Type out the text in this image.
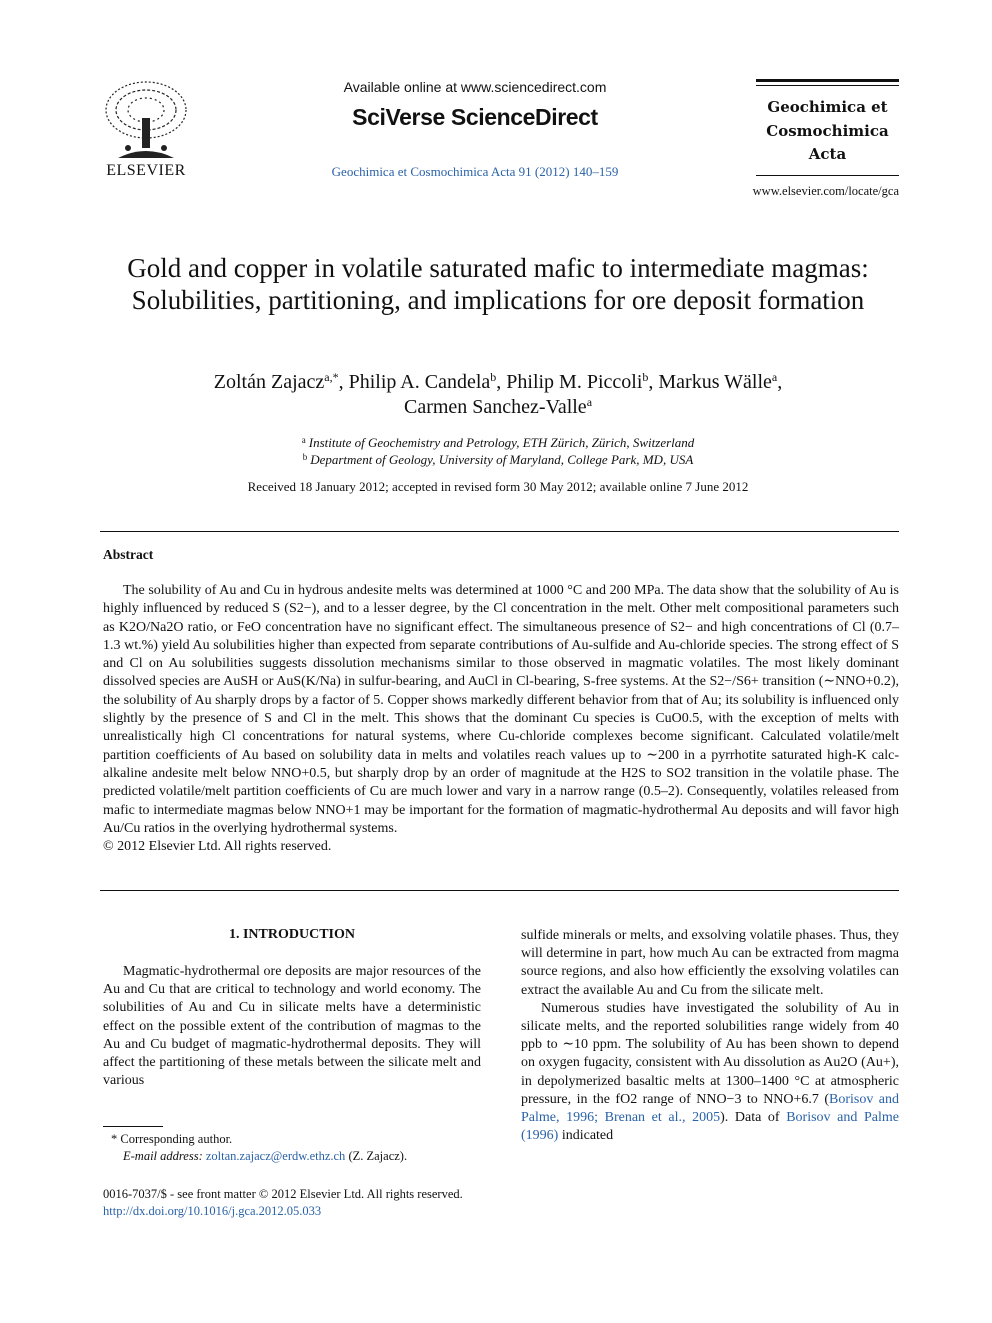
ELSEVIER
Available online at www.sciencedirect.com
SciVerse ScienceDirect
Geochimica et Cosmochimica Acta 91 (2012) 140–159
Geochimica et
Cosmochimica
Acta
www.elsevier.com/locate/gca
Gold and copper in volatile saturated mafic to intermediate magmas: Solubilities, partitioning, and implications for ore deposit formation
Zoltán Zajacz$^{a,*}$, Philip A. Candela$^b$, Philip M. Piccoli$^b$, Markus Wälle$^a$,
Carmen Sanchez-Valle$^a$
$^a$ Institute of Geochemistry and Petrology, ETH Zürich, Zürich, Switzerland
$^b$ Department of Geology, University of Maryland, College Park, MD, USA
Received 18 January 2012; accepted in revised form 30 May 2012; available online 7 June 2012
Abstract

The solubility of Au and Cu in hydrous andesite melts was determined at 1000 °C and 200 MPa. The data show that the solubility of Au is highly influenced by reduced S (S2−), and to a lesser degree, by the Cl concentration in the melt. Other melt compositional parameters such as K2O/Na2O ratio, or FeO concentration have no significant effect. The simultaneous presence of S2− and high concentrations of Cl (0.7–1.3 wt.%) yield Au solubilities higher than expected from separate contributions of Au-sulfide and Au-chloride species. The strong effect of S and Cl on Au solubilities suggests dissolution mechanisms similar to those observed in magmatic volatiles. The most likely dominant dissolved species are AuSH or AuS(K/Na) in sulfur-bearing, and AuCl in Cl-bearing, S-free systems. At the S2−/S6+ transition (∼NNO+0.2), the solubility of Au sharply drops by a factor of 5. Copper shows markedly different behavior from that of Au; its solubility is influenced only slightly by the presence of S and Cl in the melt. This shows that the dominant Cu species is CuO0.5, with the exception of melts with unrealistically high Cl concentrations for natural systems, where Cu-chloride complexes become significant. Calculated volatile/melt partition coefficients of Au based on solubility data in melts and volatiles reach values up to ∼200 in a pyrrhotite saturated high-K calc-alkaline andesite melt below NNO+0.5, but sharply drop by an order of magnitude at the H2S to SO2 transition in the volatile phase. The predicted volatile/melt partition coefficients of Cu are much lower and vary in a narrow range (0.5–2). Consequently, volatiles released from mafic to intermediate magmas below NNO+1 may be important for the formation of magmatic-hydrothermal Au deposits and will favor high Au/Cu ratios in the overlying hydrothermal systems.

© 2012 Elsevier Ltd. All rights reserved.
1. INTRODUCTION

Magmatic-hydrothermal ore deposits are major resources of the Au and Cu that are critical to technology and world economy. The solubilities of Au and Cu in silicate melts have a deterministic effect on the possible extent of the contribution of magmas to the Au and Cu budget of magmatic-hydrothermal deposits. They will affect the partitioning of these metals between the silicate melt and various

sulfide minerals or melts, and exsolving volatile phases. Thus, they will determine in part, how much Au can be extracted from magma source regions, and also how efficiently the exsolving volatiles can extract the available Au and Cu from the silicate melt.

Numerous studies have investigated the solubility of Au in silicate melts, and the reported solubilities range widely from 40 ppb to ∼10 ppm. The solubility of Au has been shown to depend on oxygen fugacity, consistent with Au dissolution as Au2O (Au+), in depolymerized basaltic melts at 1300–1400 °C at atmospheric pressure, in the fO2 range of NNO−3 to NNO+6.7 (Borisov and Palme, 1996; Brenan et al., 2005). Data of Borisov and Palme (1996) indicated

* Corresponding author.
E-mail address: zoltan.zajacz@erdw.ethz.ch (Z. Zajacz).
0016-7037/$ - see front matter © 2012 Elsevier Ltd. All rights reserved.
http://dx.doi.org/10.1016/j.gca.2012.05.033
